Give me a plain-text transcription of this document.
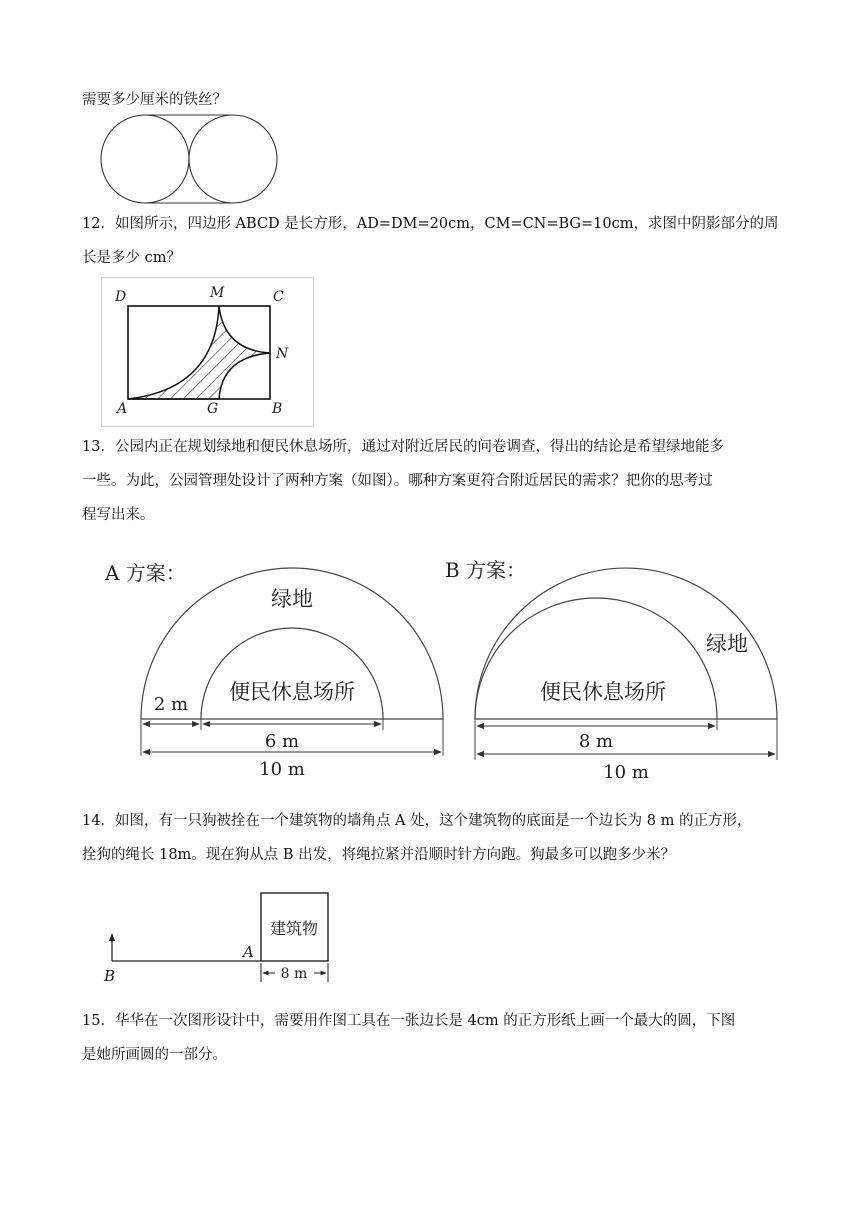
需要多少厘米的铁丝？
12．如图所示，四边形 ABCD 是长方形，AD=DM=20cm，CM=CN=BG=10cm，求图中阴影部分的周
长是多少 cm？
D	M	C
N
A	G	B
13．公园内正在规划绿地和便民休息场所，通过对附近居民的问卷调查，得出的结论是希望绿地能多
一些。为此，公园管理处设计了两种方案（如图）。哪种方案更符合附近居民的需求？把你的思考过
程写出来。
A 方案：
绿地
便民休息场所
2 m
6 m
10 m
B 方案：
绿地
便民休息场所
8 m
10 m
14．如图，有一只狗被拴在一个建筑物的墙角点 A 处，这个建筑物的底面是一个边长为 8 m 的正方形，
拴狗的绳长 18m。现在狗从点 B 出发，将绳拉紧并沿顺时针方向跑。狗最多可以跑多少米？
建筑物
B
A
8 m
15．华华在一次图形设计中，需要用作图工具在一张边长是 4cm 的正方形纸上画一个最大的圆，下图
是她所画圆的一部分。
